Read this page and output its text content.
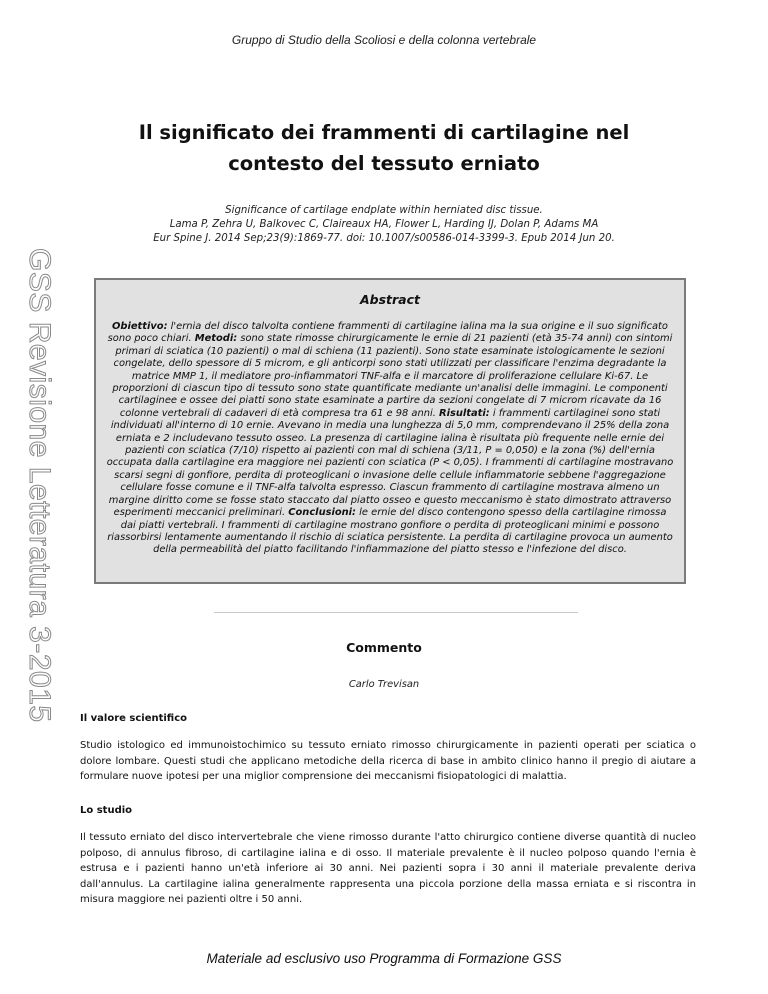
Gruppo di Studio della Scoliosi e della colonna vertebrale
GSS Revisione Letteratura 3-2015
Il significato dei frammenti di cartilagine nel
contesto del tessuto erniato
Significance of cartilage endplate within herniated disc tissue.
Lama P, Zehra U, Balkovec C, Claireaux HA, Flower L, Harding IJ, Dolan P, Adams MA
Eur Spine J. 2014 Sep;23(9):1869-77. doi: 10.1007/s00586-014-3399-3. Epub 2014 Jun 20.
Abstract
Obiettivo: l'ernia del disco talvolta contiene frammenti di cartilagine ialina ma la sua origine e il suo significato sono poco chiari. Metodi: sono state rimosse chirurgicamente le ernie di 21 pazienti (età 35-74 anni) con sintomi primari di sciatica (10 pazienti) o mal di schiena (11 pazienti). Sono state esaminate istologicamente le sezioni congelate, dello spessore di 5 microm, e gli anticorpi sono stati utilizzati per classificare l'enzima degradante la matrice MMP 1, il mediatore pro-infiammatori TNF-alfa e il marcatore di proliferazione cellulare Ki-67. Le proporzioni di ciascun tipo di tessuto sono state quantificate mediante un'analisi delle immagini. Le componenti cartilaginee e ossee dei piatti sono state esaminate a partire da sezioni congelate di 7 microm ricavate da 16 colonne vertebrali di cadaveri di età compresa tra 61 e 98 anni. Risultati: i frammenti cartilaginei sono stati individuati all'interno di 10 ernie. Avevano in media una lunghezza di 5,0 mm, comprendevano il 25% della zona erniata e 2 includevano tessuto osseo. La presenza di cartilagine ialina è risultata più frequente nelle ernie dei pazienti con sciatica (7/10) rispetto ai pazienti con mal di schiena (3/11, P = 0,050) e la zona (%) dell'ernia occupata dalla cartilagine era maggiore nei pazienti con sciatica (P < 0,05). I frammenti di cartilagine mostravano scarsi segni di gonfiore, perdita di proteoglicani o invasione delle cellule infiammatorie sebbene l'aggregazione cellulare fosse comune e il TNF-alfa talvolta espresso. Ciascun frammento di cartilagine mostrava almeno un margine diritto come se fosse stato staccato dal piatto osseo e questo meccanismo è stato dimostrato attraverso esperimenti meccanici preliminari. Conclusioni: le ernie del disco contengono spesso della cartilagine rimossa dai piatti vertebrali. I frammenti di cartilagine mostrano gonfiore o perdita di proteoglicani minimi e possono riassorbirsi lentamente aumentando il rischio di sciatica persistente. La perdita di cartilagine provoca un aumento della permeabilità del piatto facilitando l'infiammazione del piatto stesso e l'infezione del disco.
Commento
Carlo Trevisan
Il valore scientifico
Studio istologico ed immunoistochimico su tessuto erniato rimosso chirurgicamente in pazienti operati per sciatica o dolore lombare. Questi studi che applicano metodiche della ricerca di base in ambito clinico hanno il pregio di aiutare a formulare nuove ipotesi per una miglior comprensione dei meccanismi fisiopatologici di malattia.
Lo studio
Il tessuto erniato del disco intervertebrale che viene rimosso durante l'atto chirurgico contiene diverse quantità di nucleo polposo, di annulus fibroso, di cartilagine ialina e di osso. Il materiale prevalente è il nucleo polposo quando l'ernia è estrusa e i pazienti hanno un'età inferiore ai 30 anni. Nei pazienti sopra i 30 anni il materiale prevalente deriva dall'annulus. La cartilagine ialina generalmente rappresenta una piccola porzione della massa erniata e si riscontra in misura maggiore nei pazienti oltre i 50 anni.
Materiale ad esclusivo uso Programma di Formazione GSS
